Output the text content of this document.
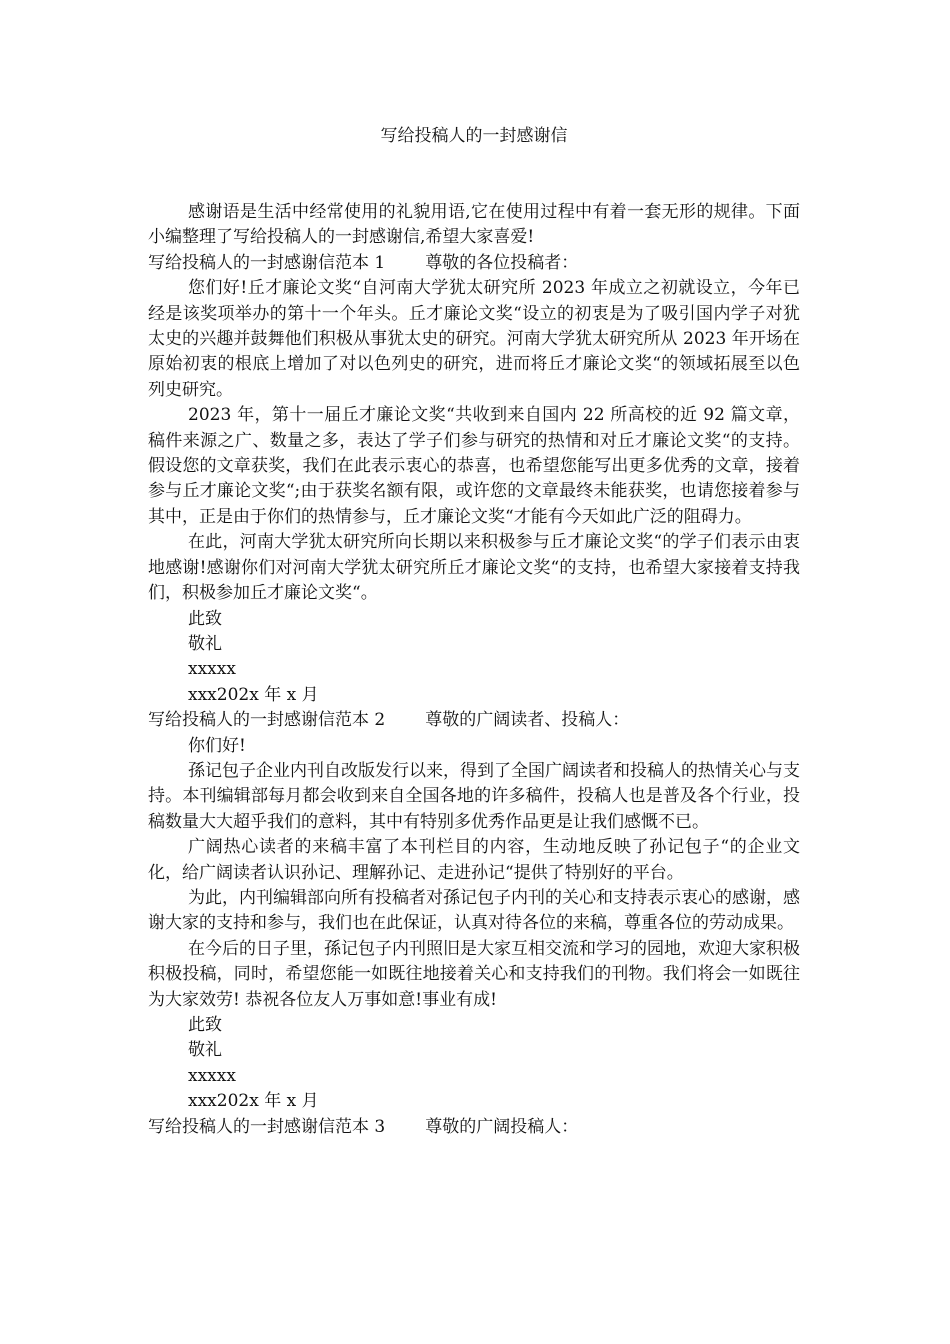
写给投稿人的一封感谢信

感谢语是生活中经常使用的礼貌用语,它在使用过程中有着一套无形的规律。下面小编整理了写给投稿人的一封感谢信,希望大家喜爱!

写给投稿人的一封感谢信范本 1 尊敬的各位投稿者：

您们好!丘才廉论文奖“自河南大学犹太研究所 2023 年成立之初就设立，今年已经是该奖项举办的第十一个年头。丘才廉论文奖“设立的初衷是为了吸引国内学子对犹太史的兴趣并鼓舞他们积极从事犹太史的研究。河南大学犹太研究所从 2023 年开场在原始初衷的根底上增加了对以色列史的研究，进而将丘才廉论文奖“的领域拓展至以色列史研究。

2023 年，第十一届丘才廉论文奖“共收到来自国内 22 所高校的近 92 篇文章，稿件来源之广、数量之多，表达了学子们参与研究的热情和对丘才廉论文奖“的支持。假设您的文章获奖，我们在此表示衷心的恭喜，也希望您能写出更多优秀的文章，接着参与丘才廉论文奖“;由于获奖名额有限，或许您的文章最终未能获奖，也请您接着参与其中，正是由于你们的热情参与，丘才廉论文奖“才能有今天如此广泛的阻碍力。

在此，河南大学犹太研究所向长期以来积极参与丘才廉论文奖“的学子们表示由衷地感谢!感谢你们对河南大学犹太研究所丘才廉论文奖“的支持，也希望大家接着支持我们，积极参加丘才廉论文奖“。

此致

敬礼

xxxxx

xxx202x 年 x 月

写给投稿人的一封感谢信范本 2 尊敬的广阔读者、投稿人：

你们好!

孫记包子企业内刊自改版发行以来，得到了全国广阔读者和投稿人的热情关心与支持。本刊编辑部每月都会收到来自全国各地的许多稿件，投稿人也是普及各个行业，投稿数量大大超乎我们的意料，其中有特别多优秀作品更是让我们感慨不已。

广阔热心读者的来稿丰富了本刊栏目的内容，生动地反映了孙记包子“的企业文化，给广阔读者认识孙记、理解孙记、走进孙记“提供了特别好的平台。

为此，内刊编辑部向所有投稿者对孫记包子内刊的关心和支持表示衷心的感谢，感谢大家的支持和参与，我们也在此保证，认真对待各位的来稿，尊重各位的劳动成果。

在今后的日子里，孫记包子内刊照旧是大家互相交流和学习的园地，欢迎大家积极积极投稿，同时，希望您能一如既往地接着关心和支持我们的刊物。我们将会一如既往为大家效劳! 恭祝各位友人万事如意!事业有成!

此致

敬礼

xxxxx

xxx202x 年 x 月

写给投稿人的一封感谢信范本 3 尊敬的广阔投稿人：
